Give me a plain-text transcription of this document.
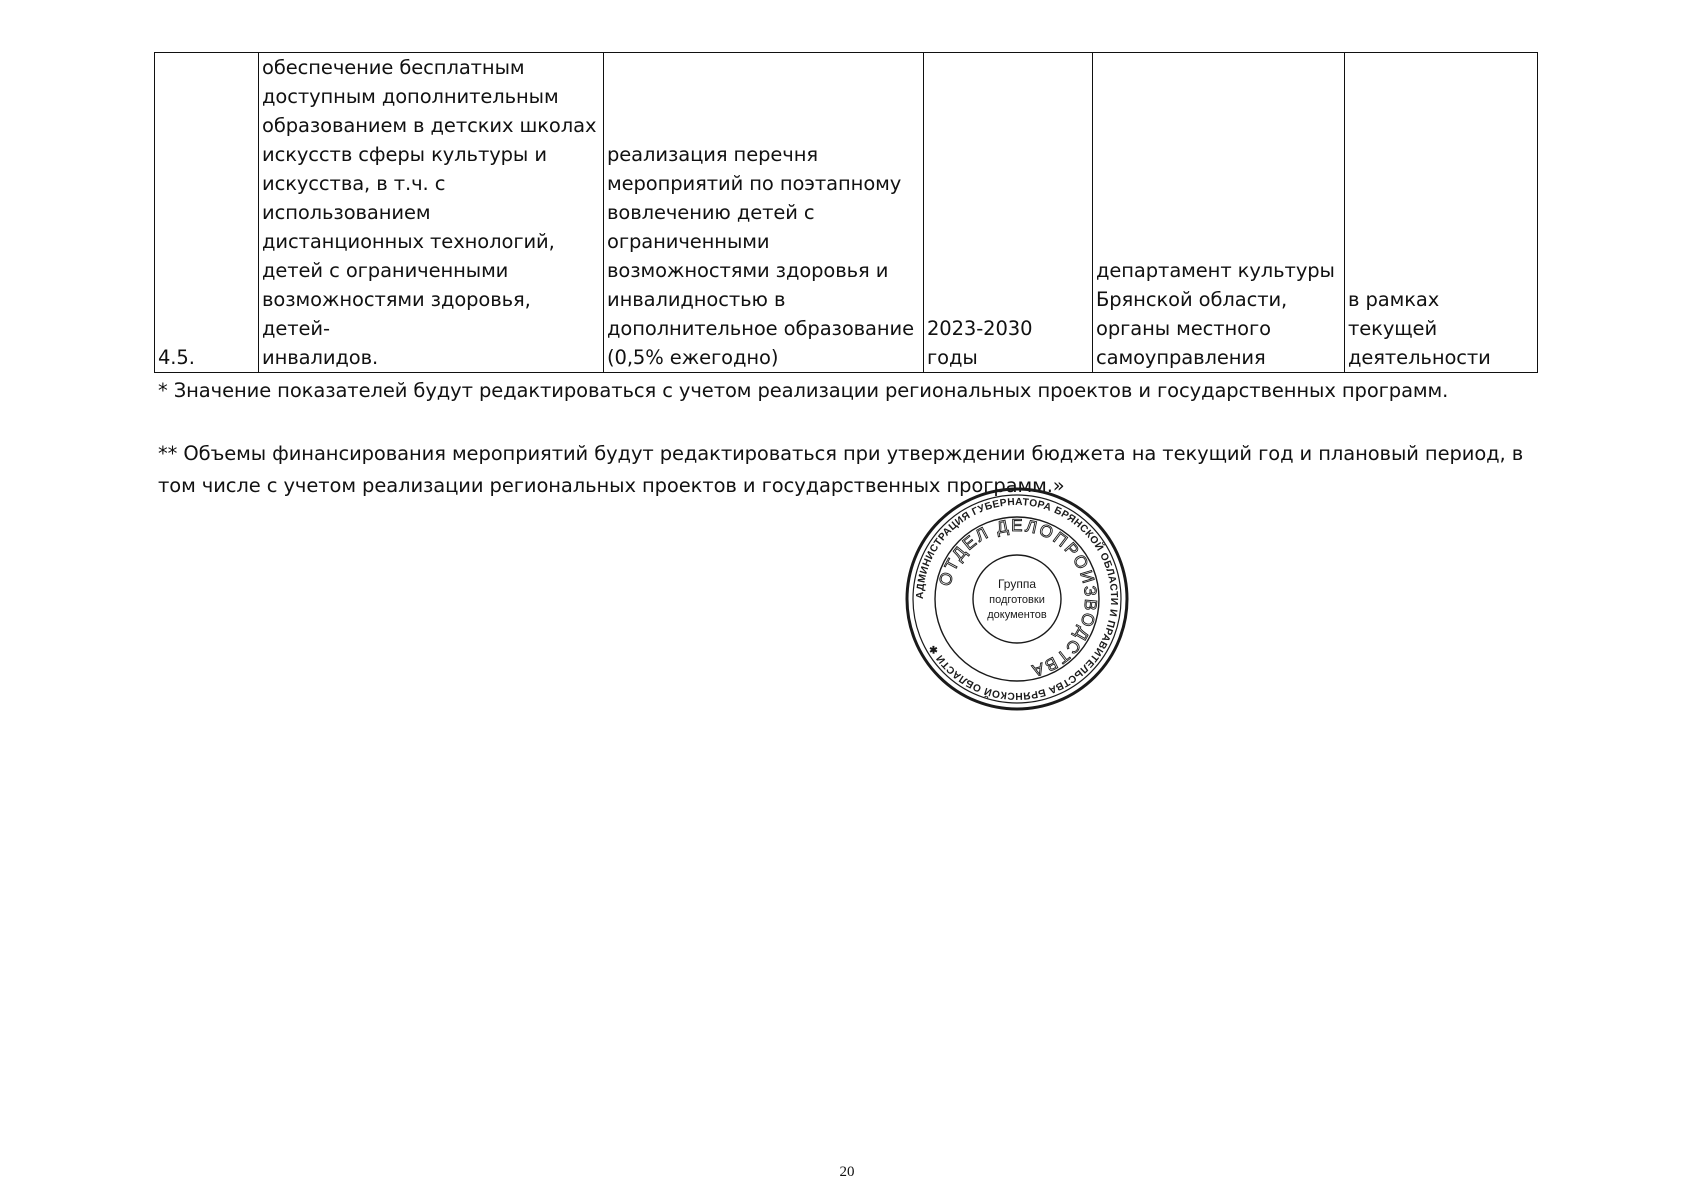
4.5.	обеспечение бесплатным
доступным дополнительным
образованием в детских школах
искусств сферы культуры и
искусства, в т.ч. с использованием
дистанционных технологий,
детей с ограниченными
возможностями здоровья, детей-
инвалидов.	реализация перечня
мероприятий по поэтапному
вовлечению детей с
ограниченными
возможностями здоровья и
инвалидностью в
дополнительное образование
(0,5% ежегодно)	2023-2030 годы	департамент культуры
Брянской области,
органы местного
самоуправления	в рамках текущей
деятельности
* Значение показателей будут редактироваться с учетом реализации региональных проектов и государственных программ.
** Объемы финансирования мероприятий будут редактироваться при утверждении бюджета на текущий год и плановый период, в том числе с учетом реализации региональных проектов и государственных программ.»
АДМИНИСТРАЦИЯ ГУБЕРНАТОРА БРЯНСКОЙ ОБЛАСТИ И ПРАВИТЕЛЬСТВА БРЯНСКОЙ ОБЛАСТИ ✱
ОТДЕЛ ДЕЛОПРОИЗВОДСТВА
Группа
подготовки
документов
20
